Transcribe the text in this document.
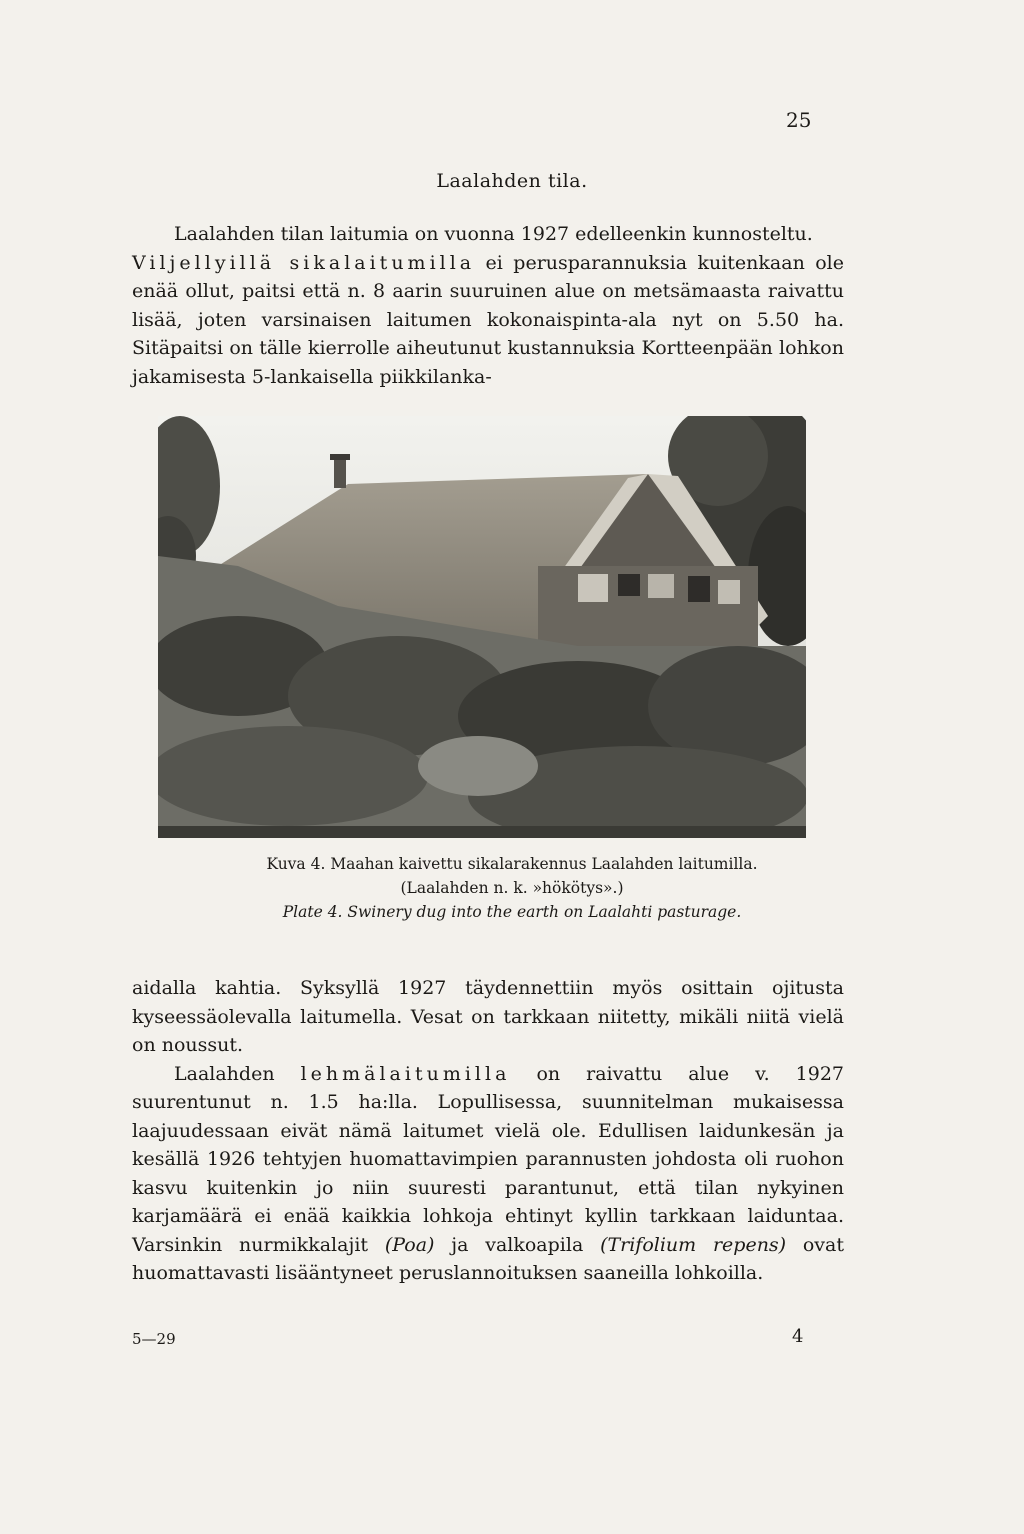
25
Laalahden tila.

Laalahden tilan laitumia on vuonna 1927 edelleenkin kunnosteltu.

Viljellyillä sikalaitumilla ei perusparannuksia kuitenkaan ole enää ollut, paitsi että n. 8 aarin suuruinen alue on metsämaasta raivattu lisää, joten varsinaisen laitumen kokonaispinta-ala nyt on 5.50 ha. Sitäpaitsi on tälle kierrolle aiheutunut kustannuksia Kortteenpään lohkon jakamisesta 5-lankaisella piikkilanka-

Kuva 4. Maahan kaivettu sikalarakennus Laalahden laitumilla.

(Laalahden n. k. »hökötys».)

Plate 4. Swinery dug into the earth on Laalahti pasturage.

aidalla kahtia. Syksyllä 1927 täydennettiin myös osittain ojitusta kyseessäolevalla laitumella. Vesat on tarkkaan niitetty, mikäli niitä vielä on noussut.

Laalahden lehmälaitumilla on raivattu alue v. 1927 suurentunut n. 1.5 ha:lla. Lopullisessa, suunnitelman mukaisessa laajuudessaan eivät nämä laitumet vielä ole. Edullisen laidunkesän ja kesällä 1926 tehtyjen huomattavimpien parannusten johdosta oli ruohon kasvu kuitenkin jo niin suuresti parantunut, että tilan nykyinen karjamäärä ei enää kaikkia lohkoja ehtinyt kyllin tarkkaan laiduntaa. Varsinkin nurmikkalajit (Poa) ja valkoapila (Trifolium repens) ovat huomattavasti lisääntyneet peruslannoituksen saaneilla lohkoilla.

5—29	4
